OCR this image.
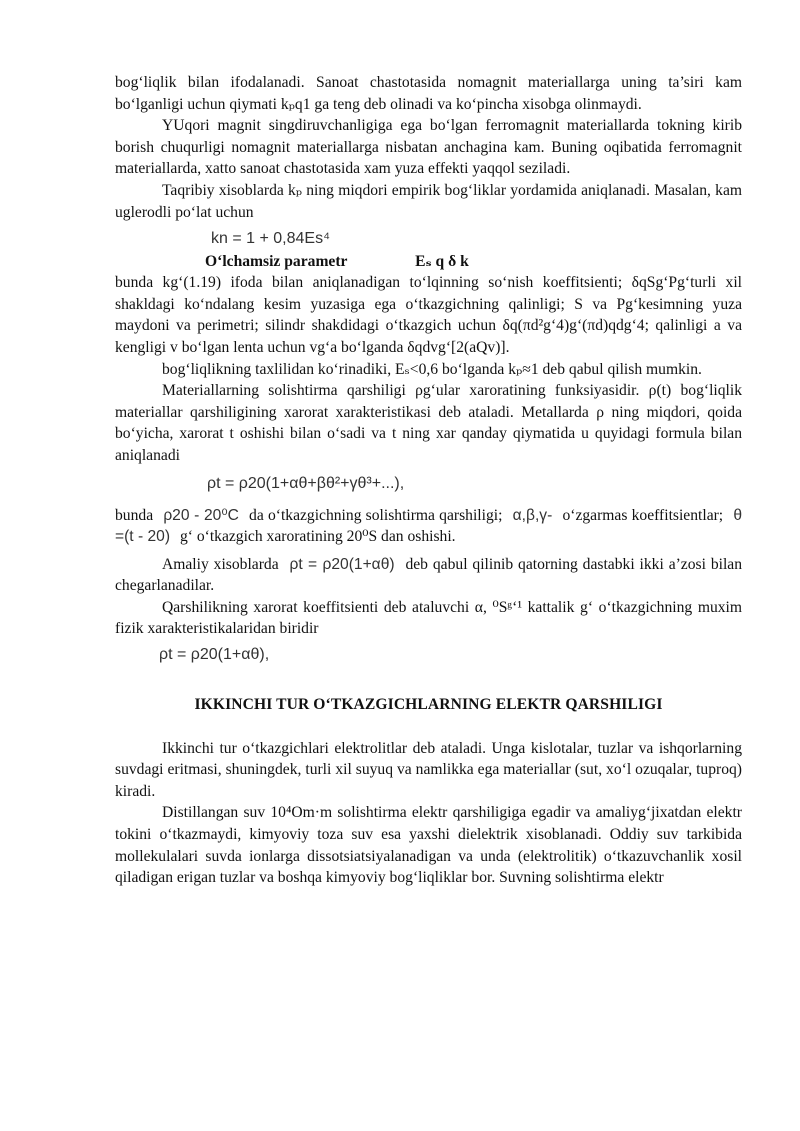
bog‘liqlik bilan ifodalanadi. Sanoat chastotasida nomagnit materiallarga uning ta’siri kam bo‘lganligi uchun qiymati kₚq1 ga teng deb olinadi va ko‘pincha xisobga olinmaydi.

YUqori magnit singdiruvchanligiga ega bo‘lgan ferromagnit materiallarda tokning kirib borish chuqurligi nomagnit materiallarga nisbatan anchagina kam. Buning oqibatida ferromagnit materiallarda, xatto sanoat chastotasida xam yuza effekti yaqqol seziladi.

Taqribiy xisoblarda kₚ ning miqdori empirik bog‘liklar yordamida aniqlanadi. Masalan, kam uglerodli po‘lat uchun

kn = 1 + 0,84Es⁴
O‘lchamsiz parametr	Eₛ q δ k

bunda kg‘(1.19) ifoda bilan aniqlanadigan to‘lqinning so‘nish koeffitsienti; δqSg‘Pg‘turli xil shakldagi ko‘ndalang kesim yuzasiga ega o‘tkazgichning qalinligi; S va Pg‘kesimning yuza maydoni va perimetri; silindr shakdidagi o‘tkazgich uchun δq(πd²g‘4)g‘(πd)qdg‘4; qalinligi a va kengligi v bo‘lgan lenta uchun vg‘a bo‘lganda δqdvg‘[2(aQv)].

bog‘liqlikning taxlilidan ko‘rinadiki, Eₛ<0,6 bo‘lganda kₚ≈1 deb qabul qilish mumkin.

Materiallarning solishtirma qarshiligi ρg‘ular xaroratining funksiyasidir. ρ(t) bog‘liqlik materiallar qarshiligining xarorat xarakteristikasi deb ataladi. Metallarda ρ ning miqdori, qoida bo‘yicha, xarorat t oshishi bilan o‘sadi va t ning xar qanday qiymatida u quyidagi formula bilan aniqlanadi

ρt = ρ20(1+αθ+βθ²+γθ³+...),

bunda ρ20 - 20⁰C da o‘tkazgichning solishtirma qarshiligi; α,β,γ- o‘zgarmas koeffitsientlar; θ =(t - 20) g‘ o‘tkazgich xaroratining 20⁰S dan oshishi.

Amaliy xisoblarda ρt = ρ20(1+αθ) deb qabul qilinib qatorning dastabki ikki a’zosi bilan chegarlanadilar.

Qarshilikning xarorat koeffitsienti deb ataluvchi α, ⁰Sᵍ‘¹ kattalik g‘ o‘tkazgichning muxim fizik xarakteristikalaridan biridir

ρt = ρ20(1+αθ),
IKKINCHI TUR O‘TKAZGICHLARNING ELEKTR QARSHILIGI

Ikkinchi tur o‘tkazgichlari elektrolitlar deb ataladi. Unga kislotalar, tuzlar va ishqorlarning suvdagi eritmasi, shuningdek, turli xil suyuq va namlikka ega materiallar (sut, xo‘l ozuqalar, tuproq) kiradi.

Distillangan suv 10⁴Om·m solishtirma elektr qarshiligiga egadir va amaliyg‘jixatdan elektr tokini o‘tkazmaydi, kimyoviy toza suv esa yaxshi dielektrik xisoblanadi. Oddiy suv tarkibida mollekulalari suvda ionlarga dissotsiatsiyalanadigan va unda (elektrolitik) o‘tkazuvchanlik xosil qiladigan erigan tuzlar va boshqa kimyoviy bog‘liqliklar bor. Suvning solishtirma elektr
